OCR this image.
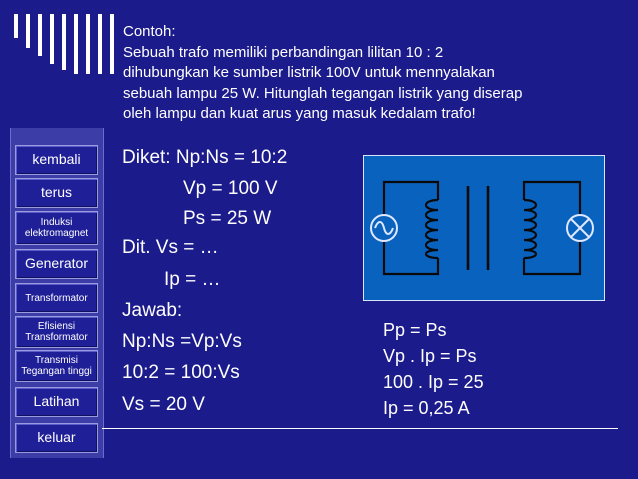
Contoh:
Sebuah trafo memiliki perbandingan lilitan 10 : 2
dihubungkan ke sumber listrik 100V untuk mennyalakan
sebuah lampu 25 W. Hitunglah tegangan listrik yang diserap
oleh lampu dan kuat arus yang masuk kedalam trafo!
kembali
terus
Induksi elektromagnet
Generator
Transformator
Efisiensi Transformator
Transmisi Tegangan tinggi
Latihan
keluar
Diket: Np:Ns = 10:2
Vp = 100 V
Ps = 25 W
Dit. Vs = …
Ip = …
Jawab:
Np:Ns =Vp:Vs
10:2 = 100:Vs
Vs = 20 V
Pp = Ps
Vp . Ip = Ps
100 . Ip = 25
Ip = 0,25 A
